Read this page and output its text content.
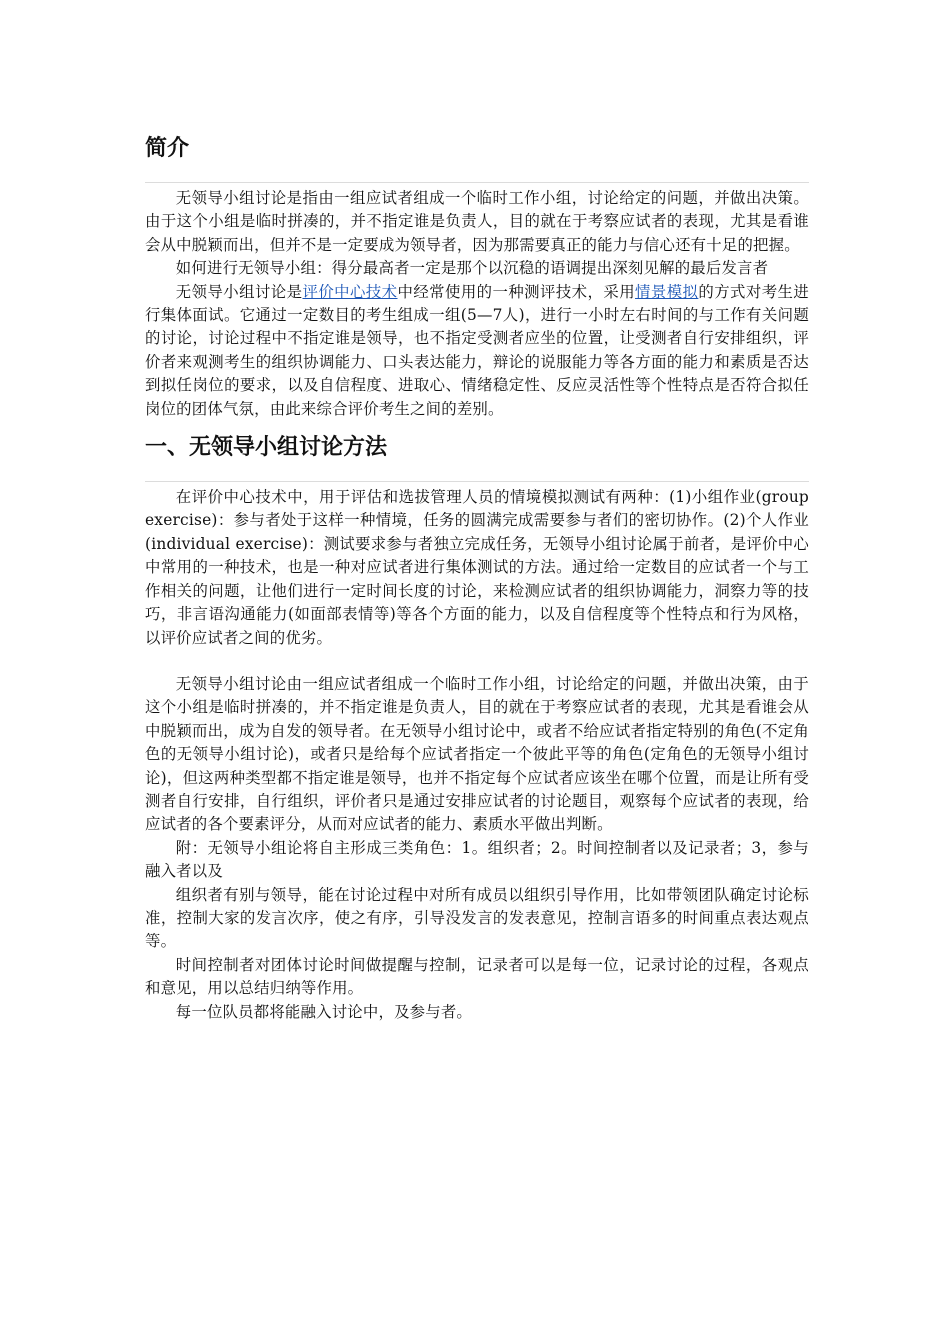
简介

无领导小组讨论是指由一组应试者组成一个临时工作小组，讨论给定的问题，并做出决策。由于这个小组是临时拼凑的，并不指定谁是负责人，目的就在于考察应试者的表现，尤其是看谁会从中脱颖而出，但并不是一定要成为领导者，因为那需要真正的能力与信心还有十足的把握。

如何进行无领导小组：得分最高者一定是那个以沉稳的语调提出深刻见解的最后发言者

无领导小组讨论是评价中心技术中经常使用的一种测评技术，采用情景模拟的方式对考生进行集体面试。它通过一定数目的考生组成一组(5—7人)，进行一小时左右时间的与工作有关问题的讨论，讨论过程中不指定谁是领导，也不指定受测者应坐的位置，让受测者自行安排组织，评价者来观测考生的组织协调能力、口头表达能力，辩论的说服能力等各方面的能力和素质是否达到拟任岗位的要求，以及自信程度、进取心、情绪稳定性、反应灵活性等个性特点是否符合拟任岗位的团体气氛，由此来综合评价考生之间的差别。

一、无领导小组讨论方法

在评价中心技术中，用于评估和选拔管理人员的情境模拟测试有两种：(1)小组作业(group exercise)：参与者处于这样一种情境，任务的圆满完成需要参与者们的密切协作。(2)个人作业(individual exercise)：测试要求参与者独立完成任务，无领导小组讨论属于前者，是评价中心中常用的一种技术，也是一种对应试者进行集体测试的方法。通过给一定数目的应试者一个与工作相关的问题，让他们进行一定时间长度的讨论，来检测应试者的组织协调能力，洞察力等的技巧，非言语沟通能力(如面部表情等)等各个方面的能力，以及自信程度等个性特点和行为风格，以评价应试者之间的优劣。

无领导小组讨论由一组应试者组成一个临时工作小组，讨论给定的问题，并做出决策，由于这个小组是临时拼凑的，并不指定谁是负责人，目的就在于考察应试者的表现，尤其是看谁会从中脱颖而出，成为自发的领导者。在无领导小组讨论中，或者不给应试者指定特别的角色(不定角色的无领导小组讨论)，或者只是给每个应试者指定一个彼此平等的角色(定角色的无领导小组讨论)，但这两种类型都不指定谁是领导，也并不指定每个应试者应该坐在哪个位置，而是让所有受测者自行安排，自行组织，评价者只是通过安排应试者的讨论题目，观察每个应试者的表现，给应试者的各个要素评分，从而对应试者的能力、素质水平做出判断。

附：无领导小组论将自主形成三类角色：1。组织者；2。时间控制者以及记录者；3，参与融入者以及

组织者有别与领导，能在讨论过程中对所有成员以组织引导作用，比如带领团队确定讨论标准，控制大家的发言次序，使之有序，引导没发言的发表意见，控制言语多的时间重点表达观点 等。

时间控制者对团体讨论时间做提醒与控制，记录者可以是每一位，记录讨论的过程，各观点和意见，用以总结归纳等作用。

每一位队员都将能融入讨论中，及参与者。
